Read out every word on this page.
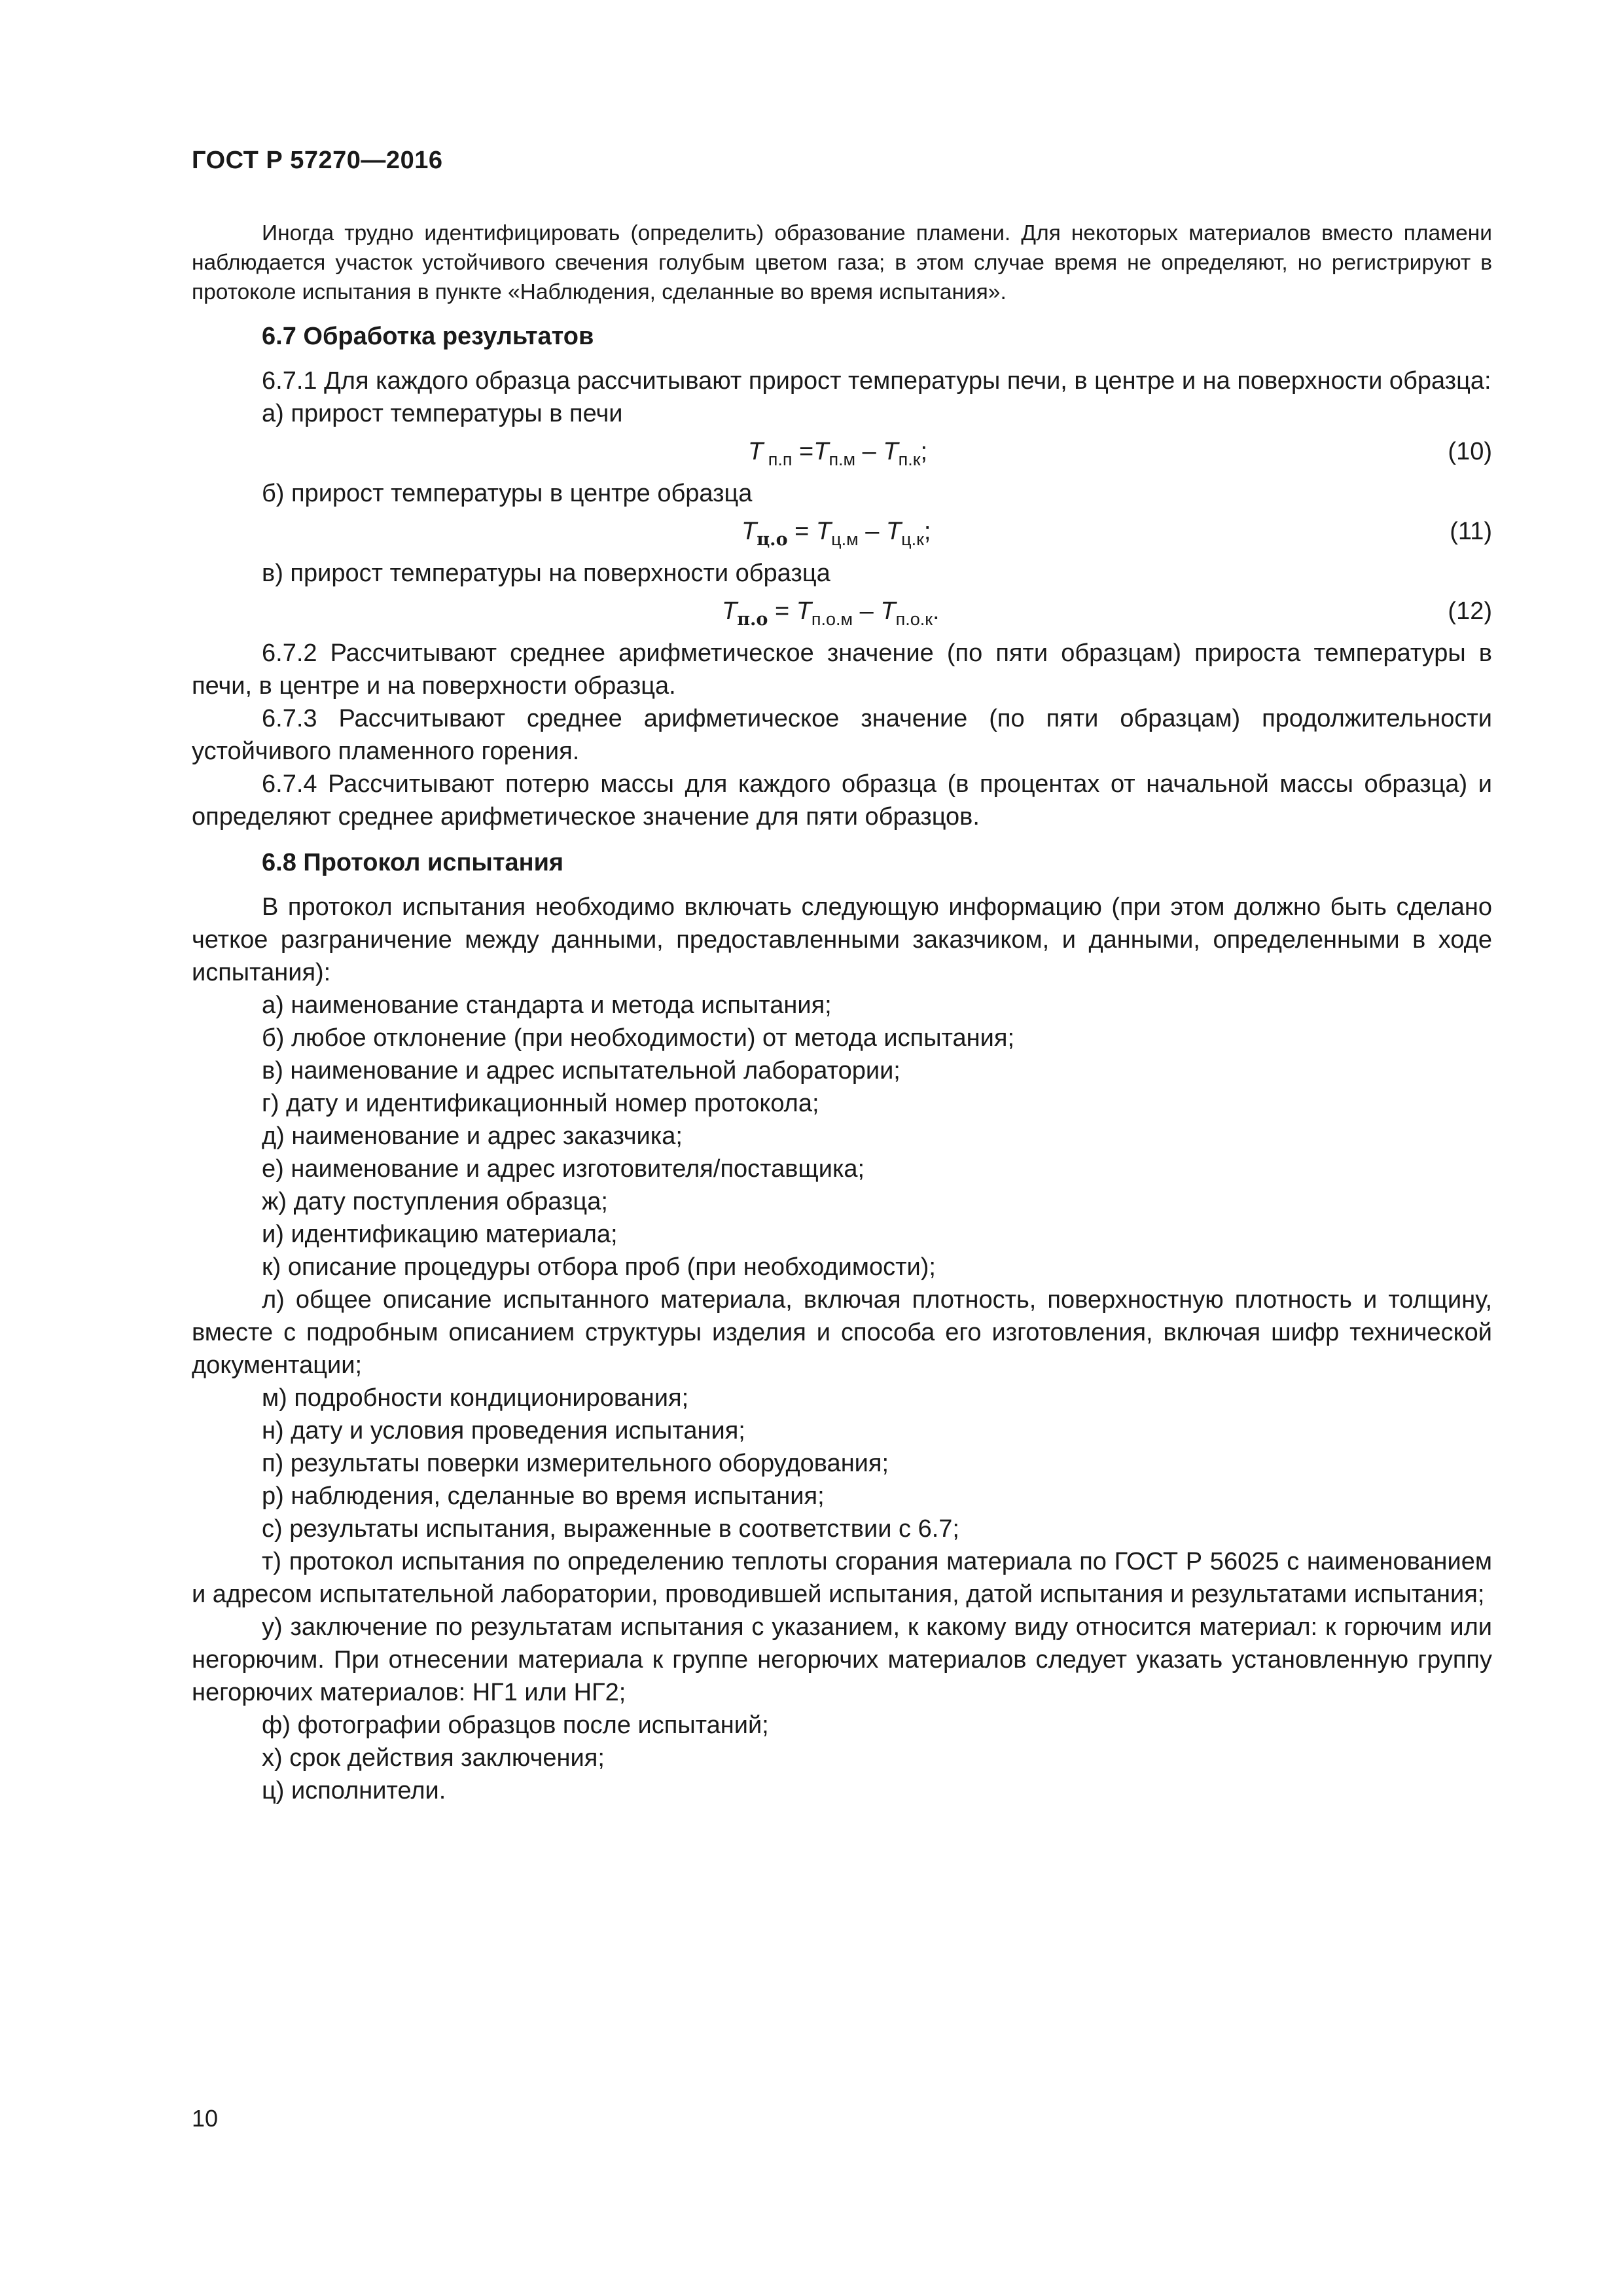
ГОСТ Р 57270—2016

Иногда трудно идентифицировать (определить) образование пламени. Для некоторых материалов вместо пламени наблюдается участок устойчивого свечения голубым цветом газа; в этом случае время не определяют, но регистрируют в протоколе испытания в пункте «Наблюдения, сделанные во время испытания».

6.7 Обработка результатов

6.7.1 Для каждого образца рассчитывают прирост температуры печи, в центре и на поверхности образца:

а) прирост температуры в печи

T $_{п.п} =T_{п.м} - T_{п.к}$;	(10)

б) прирост температуры в центре образца

$T_{ц.о} = T_{ц.м} - T_{ц.к}$;	(11)

в) прирост температуры на поверхности образца

$T_{п.о} = T_{п.о.м} - T_{п.о.к}$.	(12)

6.7.2 Рассчитывают среднее арифметическое значение (по пяти образцам) прироста температуры в печи, в центре и на поверхности образца.

6.7.3 Рассчитывают среднее арифметическое значение (по пяти образцам) продолжительности устойчивого пламенного горения.

6.7.4 Рассчитывают потерю массы для каждого образца (в процентах от начальной массы образца) и определяют среднее арифметическое значение для пяти образцов.

6.8 Протокол испытания

В протокол испытания необходимо включать следующую информацию (при этом должно быть сделано четкое разграничение между данными, предоставленными заказчиком, и данными, определенными в ходе испытания):

а) наименование стандарта и метода испытания;

б) любое отклонение (при необходимости) от метода испытания;

в) наименование и адрес испытательной лаборатории;

г) дату и идентификационный номер протокола;

д) наименование и адрес заказчика;

е) наименование и адрес изготовителя/поставщика;

ж) дату поступления образца;

и) идентификацию материала;

к) описание процедуры отбора проб (при необходимости);

л) общее описание испытанного материала, включая плотность, поверхностную плотность и толщину, вместе с подробным описанием структуры изделия и способа его изготовления, включая шифр технической документации;

м) подробности кондиционирования;

н) дату и условия проведения испытания;

п) результаты поверки измерительного оборудования;

р) наблюдения, сделанные во время испытания;

с) результаты испытания, выраженные в соответствии с 6.7;

т) протокол испытания по определению теплоты сгорания материала по ГОСТ Р 56025 с наименованием и адресом испытательной лаборатории, проводившей испытания, датой испытания и результатами испытания;

у) заключение по результатам испытания с указанием, к какому виду относится материал: к горючим или негорючим. При отнесении материала к группе негорючих материалов следует указать установленную группу негорючих материалов: НГ1 или НГ2;

ф) фотографии образцов после испытаний;

х) срок действия заключения;

ц) исполнители.

10
